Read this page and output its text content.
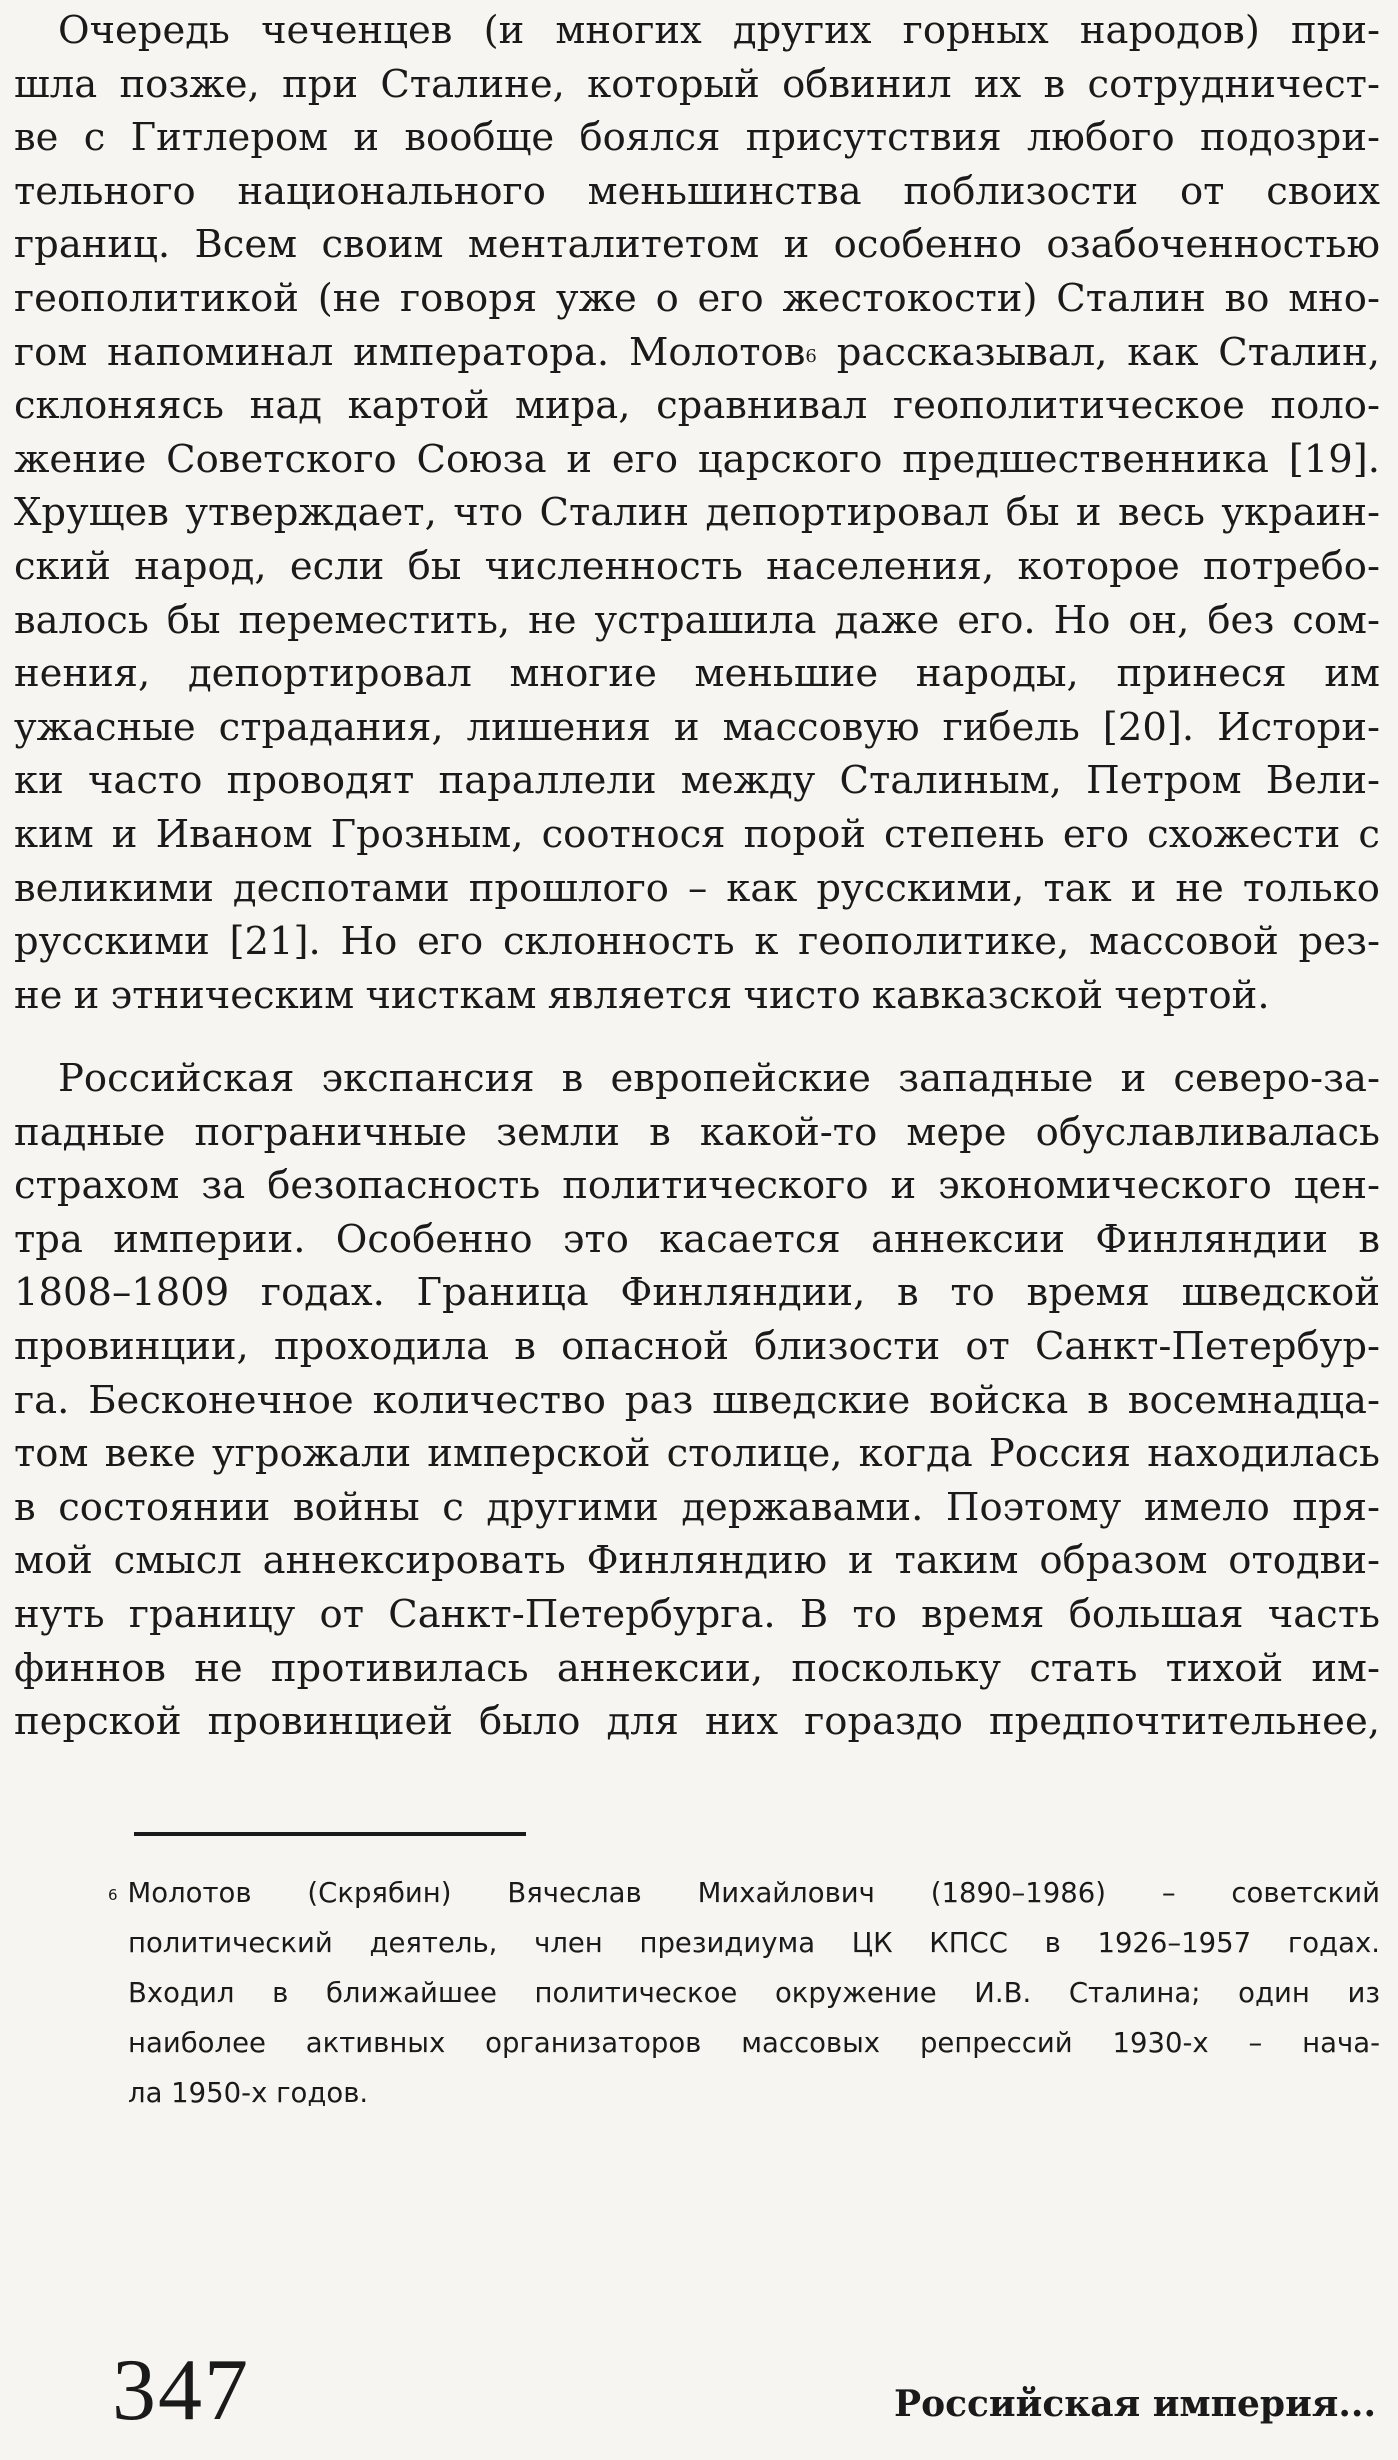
Очередь чеченцев (и многих других горных народов) при-
шла позже, при Сталине, который обвинил их в сотрудничест-
ве с Гитлером и вообще боялся присутствия любого подозри-
тельного национального меньшинства поблизости от своих
границ. Всем своим менталитетом и особенно озабоченностью
геополитикой (не говоря уже о его жестокости) Сталин во мно-
гом напоминал императора. Молотов$^6$ рассказывал, как Сталин,
склоняясь над картой мира, сравнивал геополитическое поло-
жение Советского Союза и его царского предшественника [19].
Хрущев утверждает, что Сталин депортировал бы и весь украин-
ский народ, если бы численность населения, которое потребо-
валось бы переместить, не устрашила даже его. Но он, без сом-
нения, депортировал многие меньшие народы, принеся им
ужасные страдания, лишения и массовую гибель [20]. Истори-
ки часто проводят параллели между Сталиным, Петром Вели-
ким и Иваном Грозным, соотнося порой степень его схожести с
великими деспотами прошлого – как русскими, так и не только
русскими [21]. Но его склонность к геополитике, массовой рез-
не и этническим чисткам является чисто кавказской чертой.
Российская экспансия в европейские западные и северо-за-
падные пограничные земли в какой-то мере обуславливалась
страхом за безопасность политического и экономического цен-
тра империи. Особенно это касается аннексии Финляндии в
1808–1809 годах. Граница Финляндии, в то время шведской
провинции, проходила в опасной близости от Санкт-Петербур-
га. Бесконечное количество раз шведские войска в восемнадца-
том веке угрожали имперской столице, когда Россия находилась
в состоянии войны с другими державами. Поэтому имело пря-
мой смысл аннексировать Финляндию и таким образом отодви-
нуть границу от Санкт-Петербурга. В то время большая часть
финнов не противилась аннексии, поскольку стать тихой им-
перской провинцией было для них гораздо предпочтительнее,
$^6$ Молотов (Скрябин) Вячеслав Михайлович (1890–1986) – советский
политический деятель, член президиума ЦК КПСС в 1926–1957 годах.
Входил в ближайшее политическое окружение И.В. Сталина; один из
наиболее активных организаторов массовых репрессий 1930-х – нача-
ла 1950-х годов.
347	Российская империя...
